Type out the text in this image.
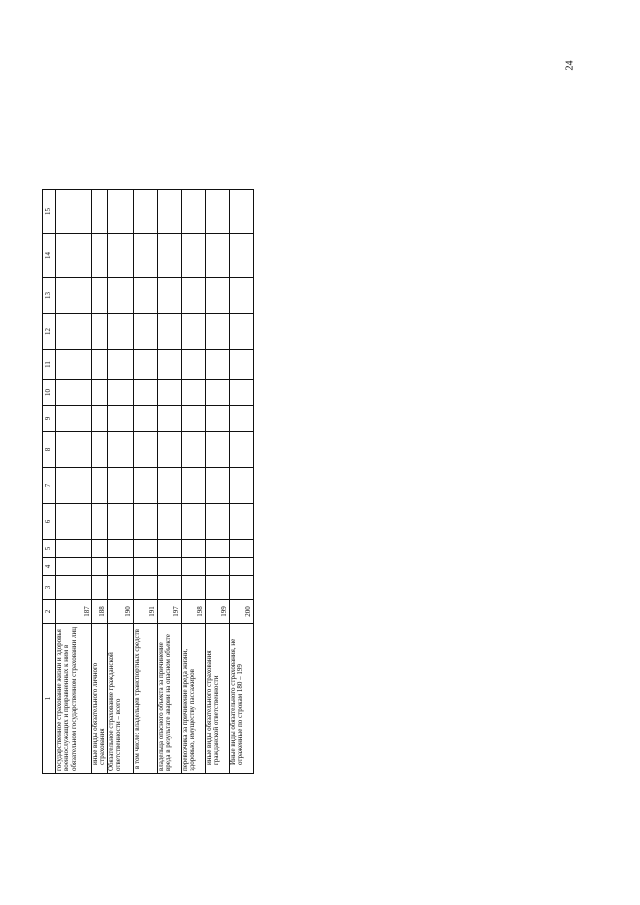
24
1	2	3	4	5	6	7	8	9	10	11	12	13	14	15
государственное страхование жизни и здоровья военнослужащих и приравненных к ним в обязательном государственном страховании лиц	187													
иные виды обязательного личного страхования	188													
Обязательное страхование гражданской ответственности – всего	190													
в том числе: владельцев транспортных средств	191													
владельца опасного объекта за причинение вреда в результате аварии на опасном объекте	197													
перевозчика за причинение вреда жизни, здоровью, имуществу пассажиров	198													
иные виды обязательного страхования гражданской ответственности	199													
Иные виды обязательного страхования, не отраженные по строкам 180 – 199	200													
